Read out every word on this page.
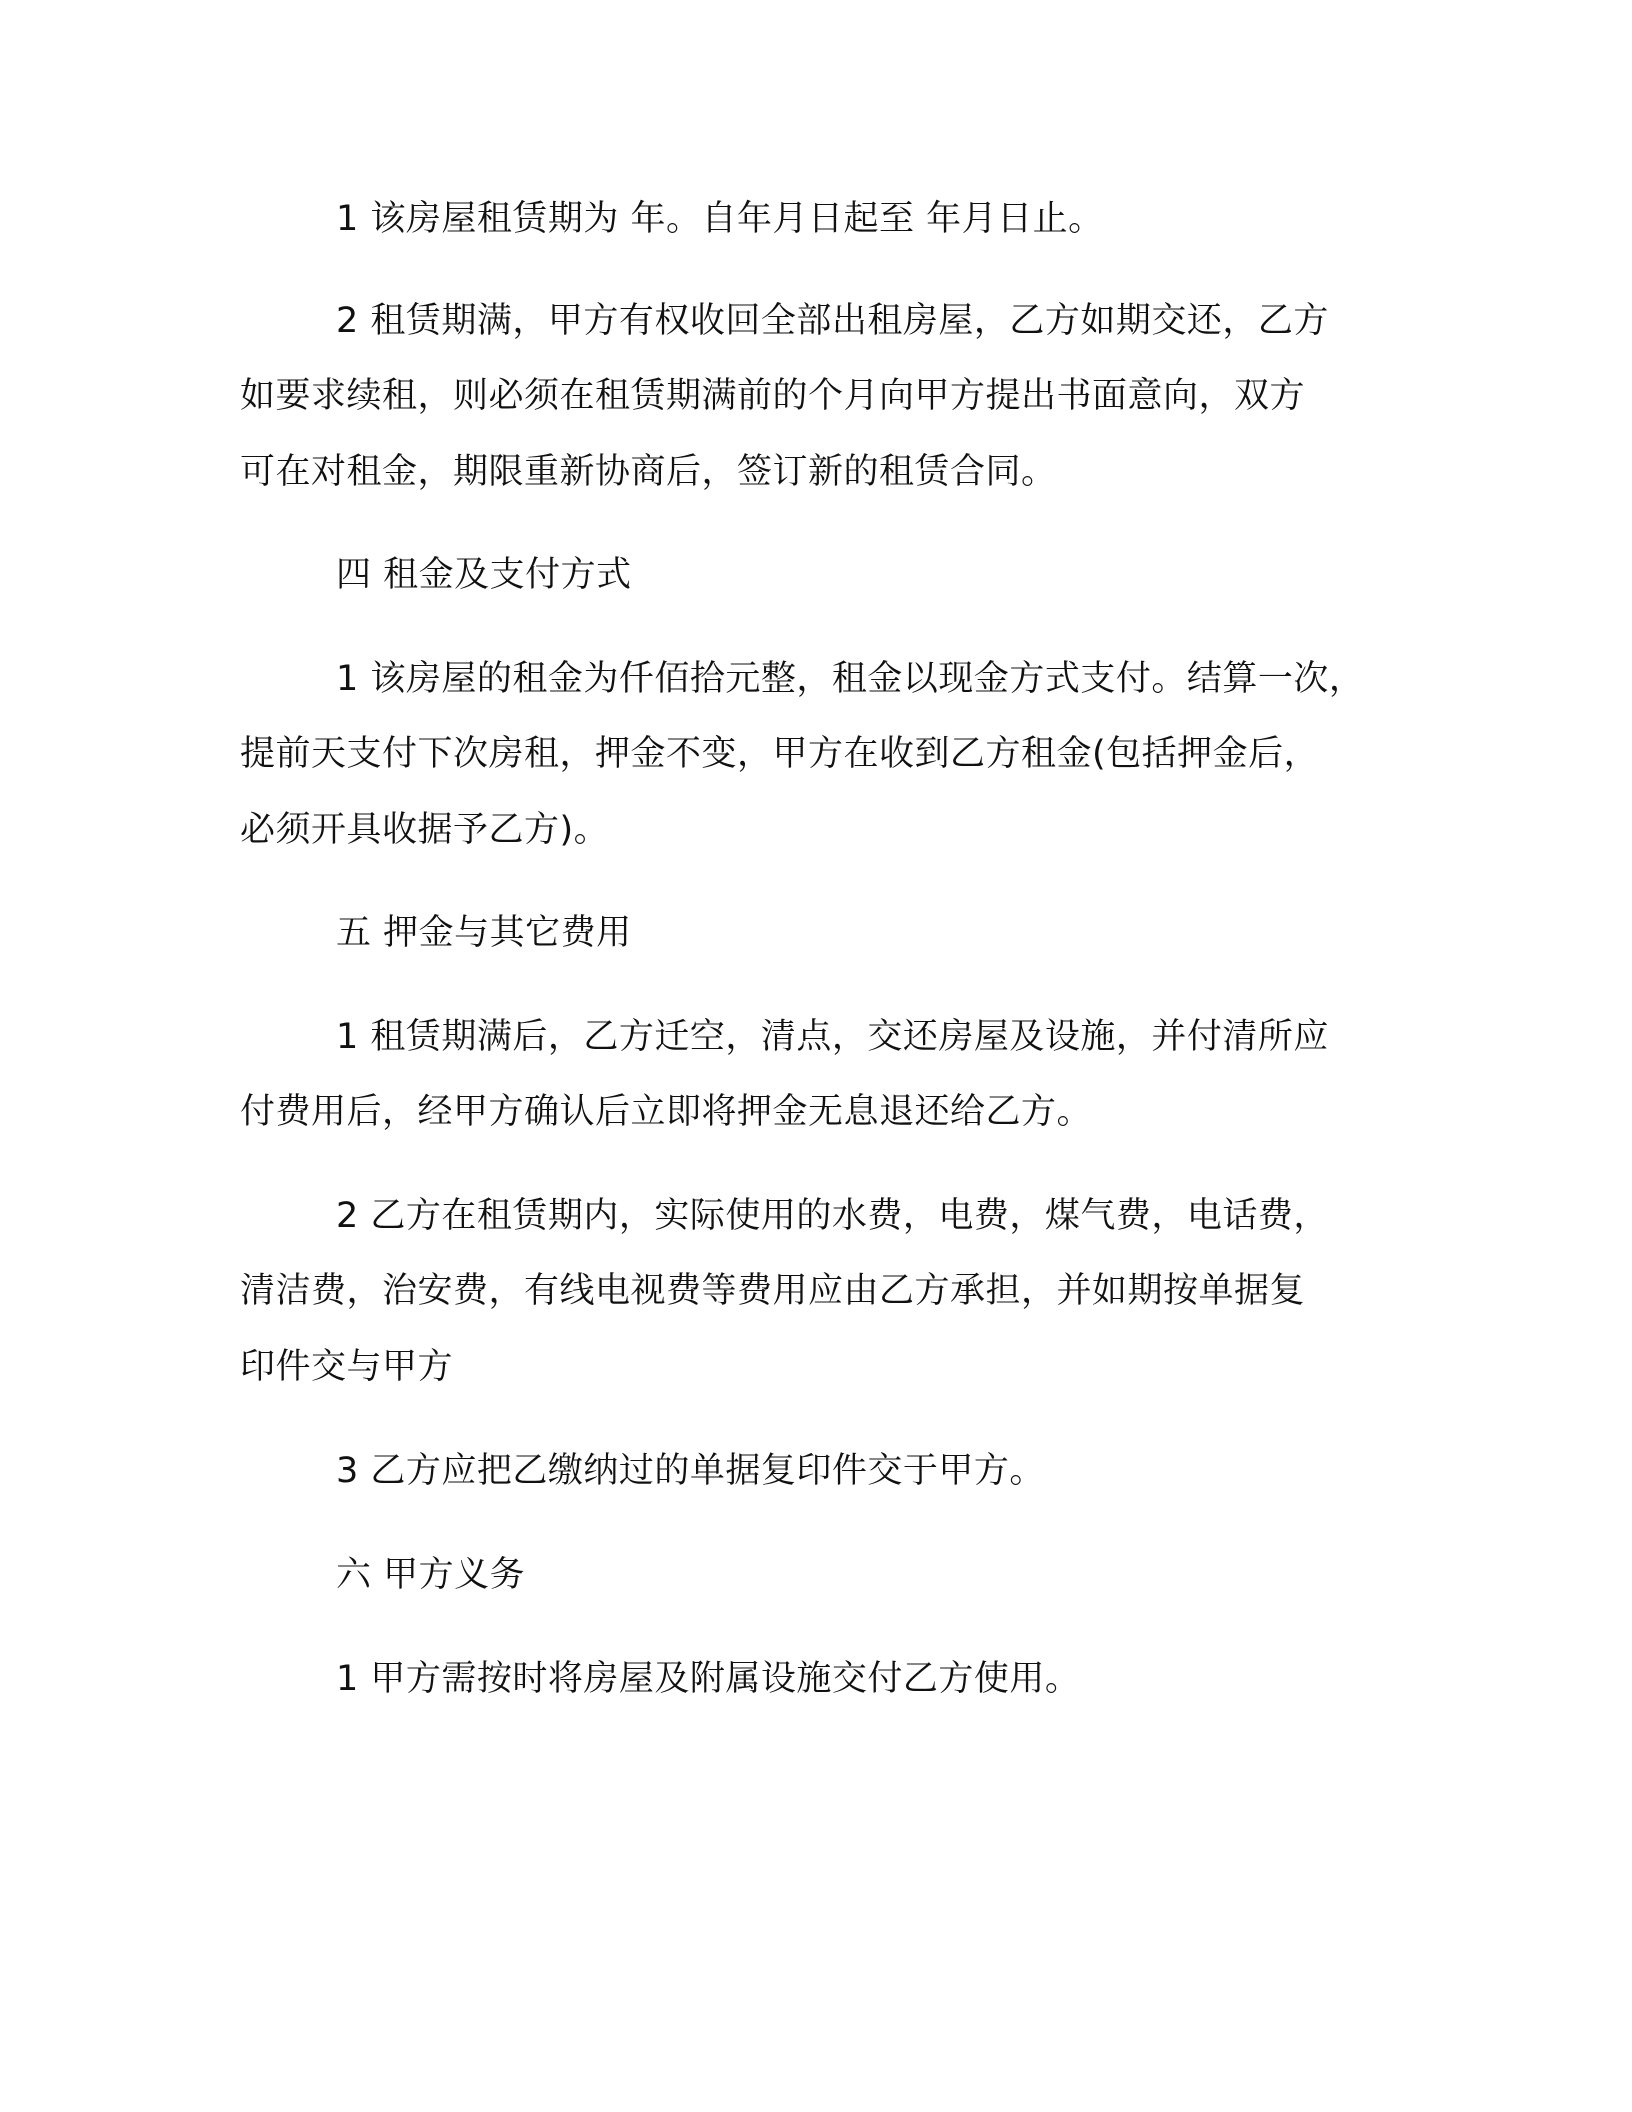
1 该房屋租赁期为 年。自年月日起至 年月日止。
2 租赁期满，甲方有权收回全部出租房屋，乙方如期交还，乙方
如要求续租，则必须在租赁期满前的个月向甲方提出书面意向，双方
可在对租金，期限重新协商后，签订新的租赁合同。
四 租金及支付方式
1 该房屋的租金为仟佰拾元整，租金以现金方式支付。结算一次，
提前天支付下次房租，押金不变，甲方在收到乙方租金(包括押金后，
必须开具收据予乙方)。
五 押金与其它费用
1 租赁期满后，乙方迁空，清点，交还房屋及设施，并付清所应
付费用后，经甲方确认后立即将押金无息退还给乙方。
2 乙方在租赁期内，实际使用的水费，电费，煤气费，电话费，
清洁费，治安费，有线电视费等费用应由乙方承担，并如期按单据复
印件交与甲方
3 乙方应把乙缴纳过的单据复印件交于甲方。
六 甲方义务
1 甲方需按时将房屋及附属设施交付乙方使用。
